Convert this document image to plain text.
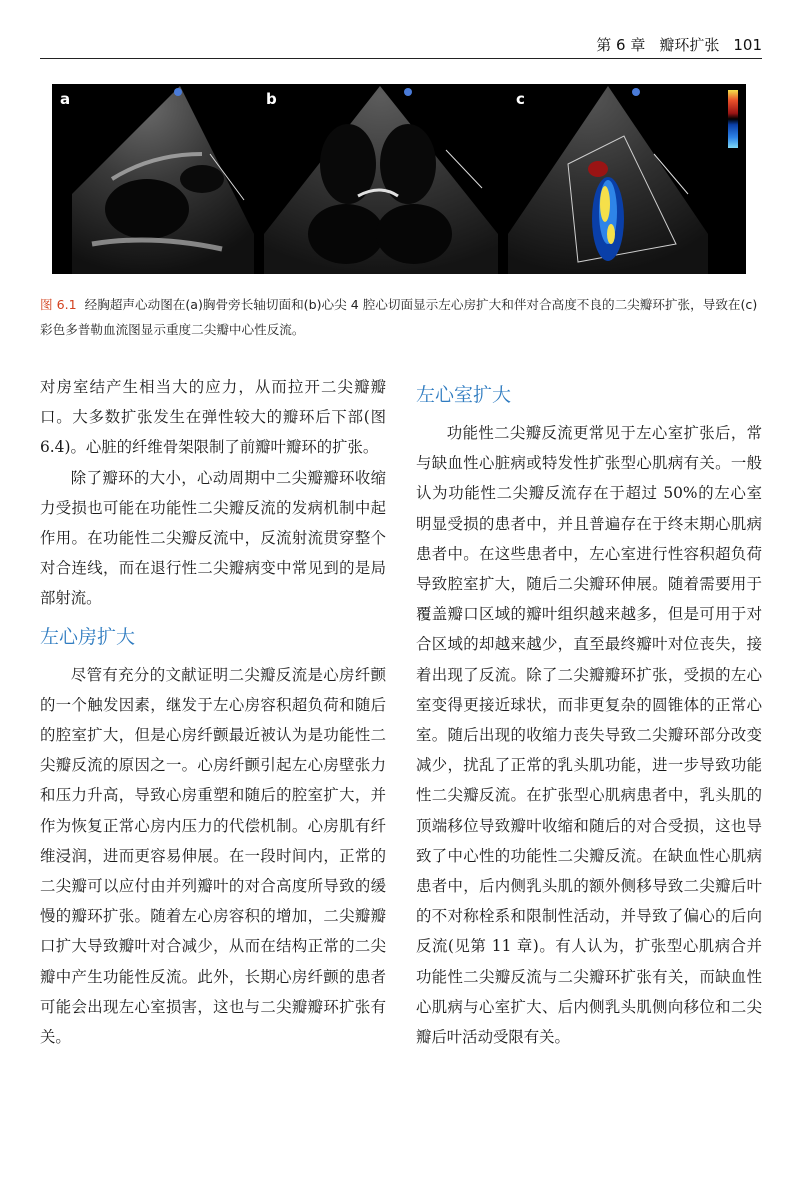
第 6 章 瓣环扩张 101
a	b	c
图 6.1 经胸超声心动图在(a)胸骨旁长轴切面和(b)心尖 4 腔心切面显示左心房扩大和伴对合高度不良的二尖瓣环扩张，导致在(c)彩色多普勒血流图显示重度二尖瓣中心性反流。

对房室结产生相当大的应力，从而拉开二尖瓣瓣口。大多数扩张发生在弹性较大的瓣环后下部(图 6.4)。心脏的纤维骨架限制了前瓣叶瓣环的扩张。

除了瓣环的大小，心动周期中二尖瓣瓣环收缩力受损也可能在功能性二尖瓣反流的发病机制中起作用。在功能性二尖瓣反流中，反流射流贯穿整个对合连线，而在退行性二尖瓣病变中常见到的是局部射流。

左心房扩大

尽管有充分的文献证明二尖瓣反流是心房纤颤的一个触发因素，继发于左心房容积超负荷和随后的腔室扩大，但是心房纤颤最近被认为是功能性二尖瓣反流的原因之一。心房纤颤引起左心房壁张力和压力升高，导致心房重塑和随后的腔室扩大，并作为恢复正常心房内压力的代偿机制。心房肌有纤维浸润，进而更容易伸展。在一段时间内，正常的二尖瓣可以应付由并列瓣叶的对合高度所导致的缓慢的瓣环扩张。随着左心房容积的增加，二尖瓣瓣口扩大导致瓣叶对合减少，从而在结构正常的二尖瓣中产生功能性反流。此外，长期心房纤颤的患者可能会出现左心室损害，这也与二尖瓣瓣环扩张有关。

左心室扩大

功能性二尖瓣反流更常见于左心室扩张后，常与缺血性心脏病或特发性扩张型心肌病有关。一般认为功能性二尖瓣反流存在于超过 50%的左心室明显受损的患者中，并且普遍存在于终末期心肌病患者中。在这些患者中，左心室进行性容积超负荷导致腔室扩大，随后二尖瓣环伸展。随着需要用于覆盖瓣口区域的瓣叶组织越来越多，但是可用于对合区域的却越来越少，直至最终瓣叶对位丧失，接着出现了反流。除了二尖瓣瓣环扩张，受损的左心室变得更接近球状，而非更复杂的圆锥体的正常心室。随后出现的收缩力丧失导致二尖瓣环部分改变减少，扰乱了正常的乳头肌功能，进一步导致功能性二尖瓣反流。在扩张型心肌病患者中，乳头肌的顶端移位导致瓣叶收缩和随后的对合受损，这也导致了中心性的功能性二尖瓣反流。在缺血性心肌病患者中，后内侧乳头肌的额外侧移导致二尖瓣后叶的不对称栓系和限制性活动，并导致了偏心的后向反流(见第 11 章)。有人认为，扩张型心肌病合并功能性二尖瓣反流与二尖瓣环扩张有关，而缺血性心肌病与心室扩大、后内侧乳头肌侧向移位和二尖瓣后叶活动受限有关。
